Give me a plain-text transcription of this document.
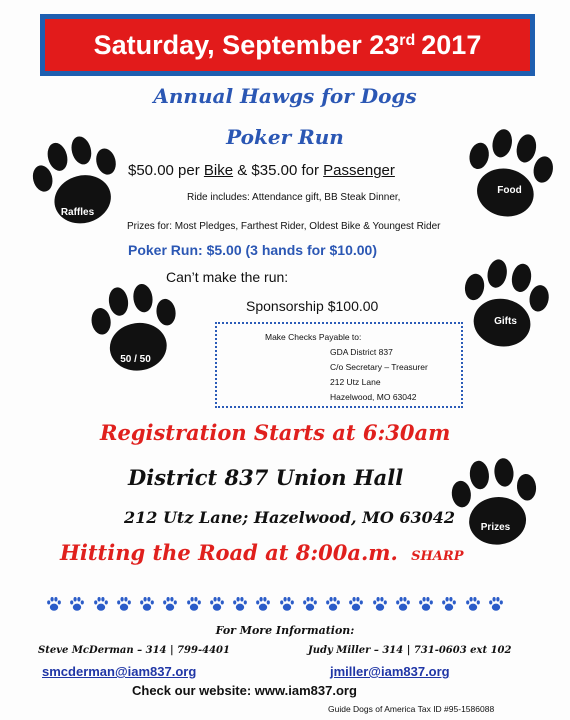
Saturday, September 23rd 2017
Annual Hawgs for Dogs
Poker Run
$50.00 per Bike & $35.00 for Passenger
Ride includes: Attendance gift, BB Steak Dinner,
Prizes for: Most Pledges, Farthest Rider, Oldest Bike & Youngest Rider
Poker Run: $5.00 (3 hands for $10.00)
Can’t make the run:
Sponsorship $100.00
Make Checks Payable to:
GDA District 837
C/o Secretary – Treasurer
212 Utz Lane
Hazelwood, MO 63042
Raffles
Food
50 / 50
Gifts
Prizes
Registration Starts at 6:30am
District 837 Union Hall
212 Utz Lane; Hazelwood, MO 63042
Hitting the Road at 8:00a.m. SHARP
For More Information:
Steve McDerman – 314 | 799-4401	Judy Miller – 314 | 731-0603 ext 102
smcderman@iam837.org	jmiller@iam837.org
Check our website: www.iam837.org
Guide Dogs of America Tax ID #95-1586088
